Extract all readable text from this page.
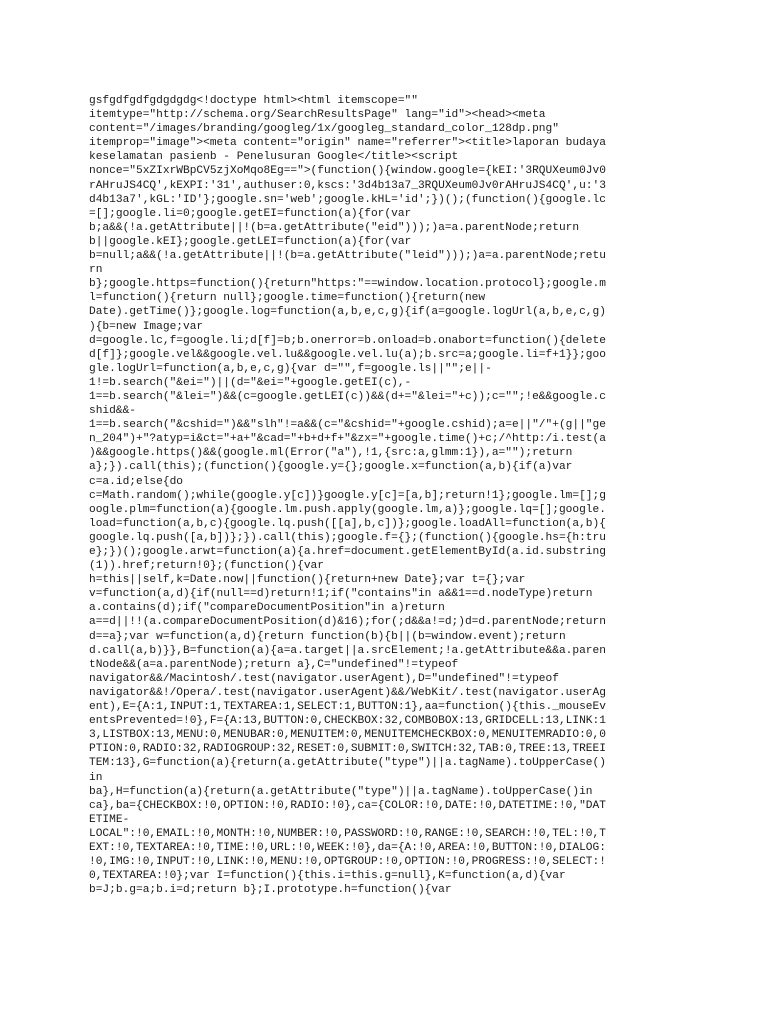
gsfgdfgdfgdgdgdg<!doctype html><html itemscope=""
itemtype="http://schema.org/SearchResultsPage" lang="id"><head><meta
content="/images/branding/googleg/1x/googleg_standard_color_128dp.png"
itemprop="image"><meta content="origin" name="referrer"><title>laporan budaya
keselamatan pasienb - Penelusuran Google</title><script
nonce="5xZIxrWBpCV5zjXoMqo8Eg==">(function(){window.google={kEI:'3RQUXeum0Jv0
rAHruJS4CQ',kEXPI:'31',authuser:0,kscs:'3d4b13a7_3RQUXeum0Jv0rAHruJS4CQ',u:'3
d4b13a7',kGL:'ID'};google.sn='web';google.kHL='id';})();(function(){google.lc
=[];google.li=0;google.getEI=function(a){for(var
b;a&&(!a.getAttribute||!(b=a.getAttribute("eid")));)a=a.parentNode;return
b||google.kEI};google.getLEI=function(a){for(var
b=null;a&&(!a.getAttribute||!(b=a.getAttribute("leid")));)a=a.parentNode;retu
rn
b};google.https=function(){return"https:"==window.location.protocol};google.m
l=function(){return null};google.time=function(){return(new
Date).getTime()};google.log=function(a,b,e,c,g){if(a=google.logUrl(a,b,e,c,g)
){b=new Image;var
d=google.lc,f=google.li;d[f]=b;b.onerror=b.onload=b.onabort=function(){delete
d[f]};google.vel&&google.vel.lu&&google.vel.lu(a);b.src=a;google.li=f+1}};goo
gle.logUrl=function(a,b,e,c,g){var d="",f=google.ls||"";e||-
1!=b.search("&ei=")||(d="&ei="+google.getEI(c),-
1==b.search("&lei=")&&(c=google.getLEI(c))&&(d+="&lei="+c));c="";!e&&google.c
shid&&-
1==b.search("&cshid=")&&"slh"!=a&&(c="&cshid="+google.cshid);a=e||"/"+(g||"ge
n_204")+"?atyp=i&ct="+a+"&cad="+b+d+f+"&zx="+google.time()+c;/^http:/i.test(a
)&&google.https()&&(google.ml(Error("a"),!1,{src:a,glmm:1}),a="");return
a};}).call(this);(function(){google.y={};google.x=function(a,b){if(a)var
c=a.id;else{do
c=Math.random();while(google.y[c])}google.y[c]=[a,b];return!1};google.lm=[];g
oogle.plm=function(a){google.lm.push.apply(google.lm,a)};google.lq=[];google.
load=function(a,b,c){google.lq.push([[a],b,c])};google.loadAll=function(a,b){
google.lq.push([a,b])};}).call(this);google.f={};(function(){google.hs={h:tru
e};})();google.arwt=function(a){a.href=document.getElementById(a.id.substring
(1)).href;return!0};(function(){var
h=this||self,k=Date.now||function(){return+new Date};var t={};var
v=function(a,d){if(null==d)return!1;if("contains"in a&&1==d.nodeType)return
a.contains(d);if("compareDocumentPosition"in a)return
a==d||!!(a.compareDocumentPosition(d)&16);for(;d&&a!=d;)d=d.parentNode;return
d==a};var w=function(a,d){return function(b){b||(b=window.event);return
d.call(a,b)}},B=function(a){a=a.target||a.srcElement;!a.getAttribute&&a.paren
tNode&&(a=a.parentNode);return a},C="undefined"!=typeof
navigator&&/Macintosh/.test(navigator.userAgent),D="undefined"!=typeof
navigator&&!/Opera/.test(navigator.userAgent)&&/WebKit/.test(navigator.userAg
ent),E={A:1,INPUT:1,TEXTAREA:1,SELECT:1,BUTTON:1},aa=function(){this._mouseEv
entsPrevented=!0},F={A:13,BUTTON:0,CHECKBOX:32,COMBOBOX:13,GRIDCELL:13,LINK:1
3,LISTBOX:13,MENU:0,MENUBAR:0,MENUITEM:0,MENUITEMCHECKBOX:0,MENUITEMRADIO:0,0
PTION:0,RADIO:32,RADIOGROUP:32,RESET:0,SUBMIT:0,SWITCH:32,TAB:0,TREE:13,TREEI
TEM:13},G=function(a){return(a.getAttribute("type")||a.tagName).toUpperCase()
in
ba},H=function(a){return(a.getAttribute("type")||a.tagName).toUpperCase()in
ca},ba={CHECKBOX:!0,OPTION:!0,RADIO:!0},ca={COLOR:!0,DATE:!0,DATETIME:!0,"DAT
ETIME-
LOCAL":!0,EMAIL:!0,MONTH:!0,NUMBER:!0,PASSWORD:!0,RANGE:!0,SEARCH:!0,TEL:!0,T
EXT:!0,TEXTAREA:!0,TIME:!0,URL:!0,WEEK:!0},da={A:!0,AREA:!0,BUTTON:!0,DIALOG:
!0,IMG:!0,INPUT:!0,LINK:!0,MENU:!0,OPTGROUP:!0,OPTION:!0,PROGRESS:!0,SELECT:!
0,TEXTAREA:!0};var I=function(){this.i=this.g=null},K=function(a,d){var
b=J;b.g=a;b.i=d;return b};I.prototype.h=function(){var
